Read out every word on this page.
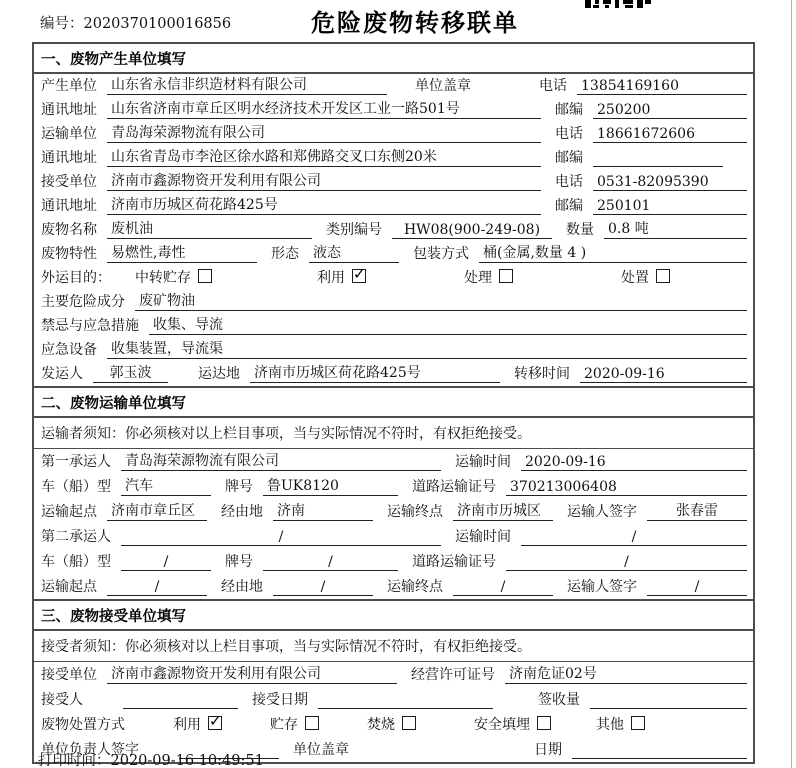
编号：2020370100016856	危险废物转移联单
一、废物产生单位填写
产生单位 山东省永信非织造材料有限公司	单位盖章	电话 13854169160
通讯地址 山东省济南市章丘区明水经济技术开发区工业一路501号	邮编 250200
运输单位 青岛海荣源物流有限公司	电话 18661672606
通讯地址 山东省青岛市李沧区徐水路和郑佛路交叉口东侧20米	邮编
接受单位 济南市鑫源物资开发利用有限公司	电话 0531-82095390
通讯地址 济南市历城区荷花路425号	邮编 250101
废物名称 废机油	类别编号	HW08(900-249-08)	数量 0.8 吨
废物特性 易燃性,毒性	形态 液态	包装方式 桶(金属,数量 4 )
外运目的： 中转贮存	利用 ✓	处理	处置
主要危险成分 废矿物油
禁忌与应急措施 收集、导流
应急设备 收集装置，导流渠
发运人	郭玉波	运达地 济南市历城区荷花路425号	转移时间 2020-09-16
二、废物运输单位填写
运输者须知：你必须核对以上栏目事项，当与实际情况不符时，有权拒绝接受。
第一承运人 青岛海荣源物流有限公司	运输时间 2020-09-16
车（船）型 汽车	牌号 鲁UK8120	道路运输证号 370213006408
运输起点 济南市章丘区	经由地 济南	运输终点 济南市历城区	运输人签字	张春雷
第二承运人	/	运输时间	/
车（船）型	/	牌号	/	道路运输证号	/
运输起点	/	经由地	/	运输终点	/	运输人签字	/
三、废物接受单位填写
接受者须知：你必须核对以上栏目事项，当与实际情况不符时，有权拒绝接受。
接受单位 济南市鑫源物资开发利用有限公司	经营许可证号 济南危证02号
接受人	接受日期	签收量
废物处置方式	利用 ✓	贮存	焚烧	安全填埋	其他
单位负责人签字	单位盖章	日期
打印时间：2020-09-16 10:49:51
